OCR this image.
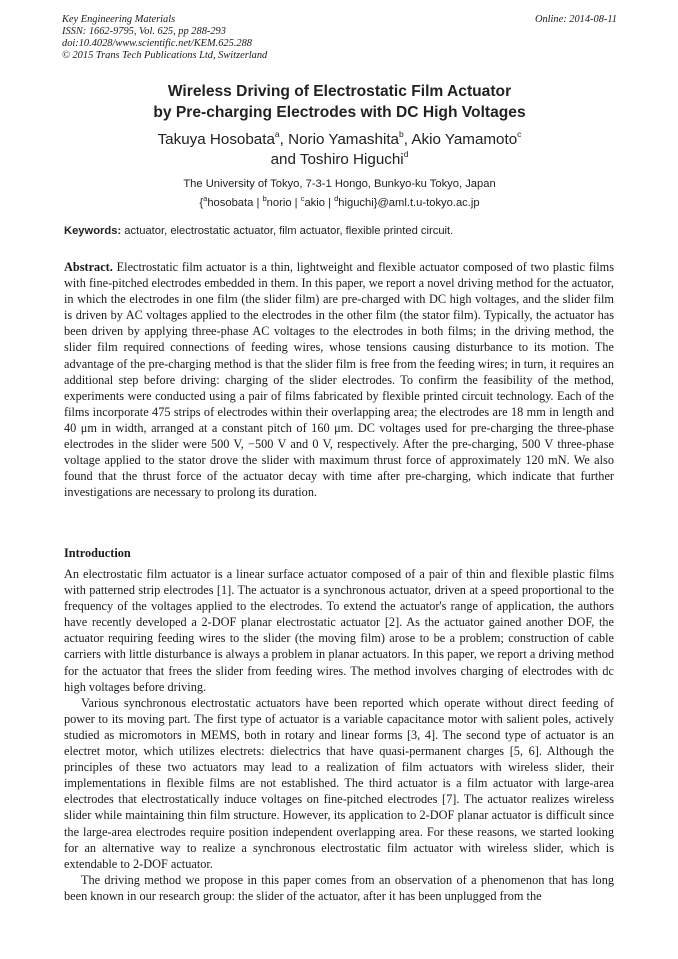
Key Engineering Materials
ISSN: 1662-9795, Vol. 625, pp 288-293
doi:10.4028/www.scientific.net/KEM.625.288
© 2015 Trans Tech Publications Ltd, Switzerland
Online: 2014-08-11
Wireless Driving of Electrostatic Film Actuator
by Pre-charging Electrodes with DC High Voltages
Takuya Hosobata$^a$, Norio Yamashita$^b$, Akio Yamamoto$^c$
and Toshiro Higuchi$^d$
The University of Tokyo, 7-3-1 Hongo, Bunkyo-ku Tokyo, Japan
{$^a$hosobata | $^b$norio | $^c$akio | $^d$higuchi}@aml.t.u-tokyo.ac.jp
Keywords: actuator, electrostatic actuator, film actuator, flexible printed circuit.
Abstract. Electrostatic film actuator is a thin, lightweight and flexible actuator composed of two plastic films with fine-pitched electrodes embedded in them. In this paper, we report a novel driving method for the actuator, in which the electrodes in one film (the slider film) are pre-charged with DC high voltages, and the slider film is driven by AC voltages applied to the electrodes in the other film (the stator film). Typically, the actuator has been driven by applying three-phase AC voltages to the electrodes in both films; in the driving method, the slider film required connections of feeding wires, whose tensions causing disturbance to its motion. The advantage of the pre-charging method is that the slider film is free from the feeding wires; in turn, it requires an additional step before driving: charging of the slider electrodes. To confirm the feasibility of the method, experiments were conducted using a pair of films fabricated by flexible printed circuit technology. Each of the films incorporate 475 strips of electrodes within their overlapping area; the electrodes are 18 mm in length and 40 μm in width, arranged at a constant pitch of 160 μm. DC voltages used for pre-charging the three-phase electrodes in the slider were 500 V, −500 V and 0 V, respectively. After the pre-charging, 500 V three-phase voltage applied to the stator drove the slider with maximum thrust force of approximately 120 mN. We also found that the thrust force of the actuator decay with time after pre-charging, which indicate that further investigations are necessary to prolong its duration.
Introduction

An electrostatic film actuator is a linear surface actuator composed of a pair of thin and flexible plastic films with patterned strip electrodes [1]. The actuator is a synchronous actuator, driven at a speed proportional to the frequency of the voltages applied to the electrodes. To extend the actuator's range of application, the authors have recently developed a 2-DOF planar electrostatic actuator [2]. As the actuator gained another DOF, the actuator requiring feeding wires to the slider (the moving film) arose to be a problem; construction of cable carriers with little disturbance is always a problem in planar actuators. In this paper, we report a driving method for the actuator that frees the slider from feeding wires. The method involves charging of electrodes with dc high voltages before driving.

Various synchronous electrostatic actuators have been reported which operate without direct feeding of power to its moving part. The first type of actuator is a variable capacitance motor with salient poles, actively studied as micromotors in MEMS, both in rotary and linear forms [3, 4]. The second type of actuator is an electret motor, which utilizes electrets: dielectrics that have quasi-permanent charges [5, 6]. Although the principles of these two actuators may lead to a realization of film actuators with wireless slider, their implementations in flexible films are not established. The third actuator is a film actuator with large-area electrodes that electrostatically induce voltages on fine-pitched electrodes [7]. The actuator realizes wireless slider while maintaining thin film structure. However, its application to 2-DOF planar actuator is difficult since the large-area electrodes require position independent overlapping area. For these reasons, we started looking for an alternative way to realize a synchronous electrostatic film actuator with wireless slider, which is extendable to 2-DOF actuator.

The driving method we propose in this paper comes from an observation of a phenomenon that has long been known in our research group: the slider of the actuator, after it has been unplugged from the
